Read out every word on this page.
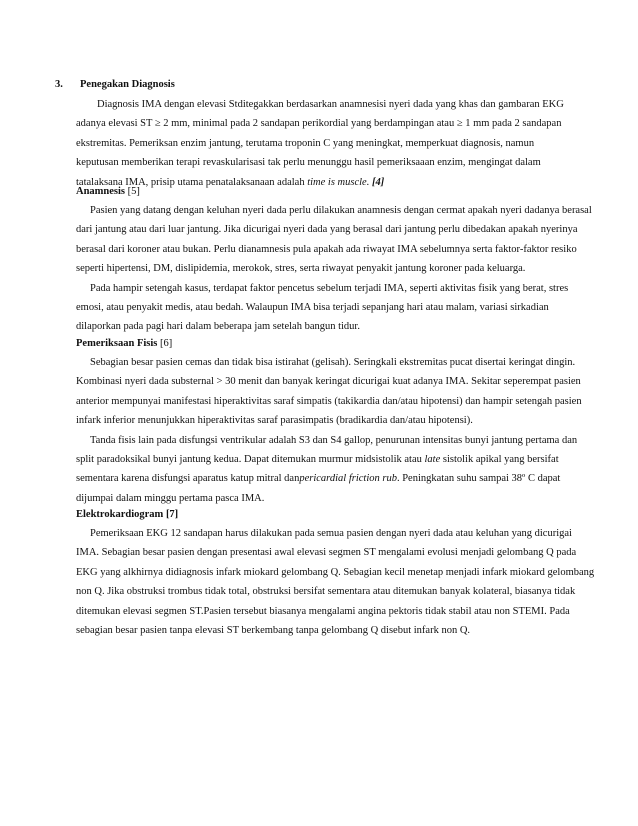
3. Penegakan Diagnosis

Diagnosis IMA dengan elevasi Stditegakkan berdasarkan anamnesisi nyeri dada yang khas dan gambaran EKG adanya elevasi ST ≥ 2 mm, minimal pada 2 sandapan perikordial yang berdampingan atau ≥ 1 mm pada 2 sandapan ekstremitas. Pemeriksan enzim jantung, terutama troponin C yang meningkat, memperkuat diagnosis, namun keputusan memberikan terapi revaskularisasi tak perlu menunggu hasil pemeriksaaan enzim, mengingat dalam tatalaksana IMA, prisip utama penatalaksanaan adalah time is muscle. [4]

Anamnesis [5]

Pasien yang datang dengan keluhan nyeri dada perlu dilakukan anamnesis dengan cermat apakah nyeri dadanya berasal dari jantung atau dari luar jantung. Jika dicurigai nyeri dada yang berasal dari jantung perlu dibedakan apakah nyerinya berasal dari koroner atau bukan. Perlu dianamnesis pula apakah ada riwayat IMA sebelumnya serta faktor-faktor resiko seperti hipertensi, DM, dislipidemia, merokok, stres, serta riwayat penyakit jantung koroner pada keluarga.

Pada hampir setengah kasus, terdapat faktor pencetus sebelum terjadi IMA, seperti aktivitas fisik yang berat, stres emosi, atau penyakit medis, atau bedah. Walaupun IMA bisa terjadi sepanjang hari atau malam, variasi sirkadian dilaporkan pada pagi hari dalam beberapa jam setelah bangun tidur.

Pemeriksaan Fisis [6]

Sebagian besar pasien cemas dan tidak bisa istirahat (gelisah). Seringkali ekstremitas pucat disertai keringat dingin. Kombinasi nyeri dada substernal > 30 menit dan banyak keringat dicurigai kuat adanya IMA. Sekitar seperempat pasien anterior mempunyai manifestasi hiperaktivitas saraf simpatis (takikardia dan/atau hipotensi) dan hampir setengah pasien infark inferior menunjukkan hiperaktivitas saraf parasimpatis (bradikardia dan/atau hipotensi).

Tanda fisis lain pada disfungsi ventrikular adalah S3 dan S4 gallop, penurunan intensitas bunyi jantung pertama dan split paradoksikal bunyi jantung kedua. Dapat ditemukan murmur midsistolik atau late sistolik apikal yang bersifat sementara karena disfungsi aparatus katup mitral danpericardial friction rub. Peningkatan suhu sampai 38º C dapat dijumpai dalam minggu pertama pasca IMA.

Elektrokardiogram [7]

Pemeriksaan EKG 12 sandapan harus dilakukan pada semua pasien dengan nyeri dada atau keluhan yang dicurigai IMA. Sebagian besar pasien dengan presentasi awal elevasi segmen ST mengalami evolusi menjadi gelombang Q pada EKG yang alkhirnya didiagnosis infark miokard gelombang Q. Sebagian kecil menetap menjadi infark miokard gelombang non Q. Jika obstruksi trombus tidak total, obstruksi bersifat sementara atau ditemukan banyak kolateral, biasanya tidak ditemukan elevasi segmen ST.Pasien tersebut biasanya mengalami angina pektoris tidak stabil atau non STEMI. Pada sebagian besar pasien tanpa elevasi ST berkembang tanpa gelombang Q disebut infark non Q.
